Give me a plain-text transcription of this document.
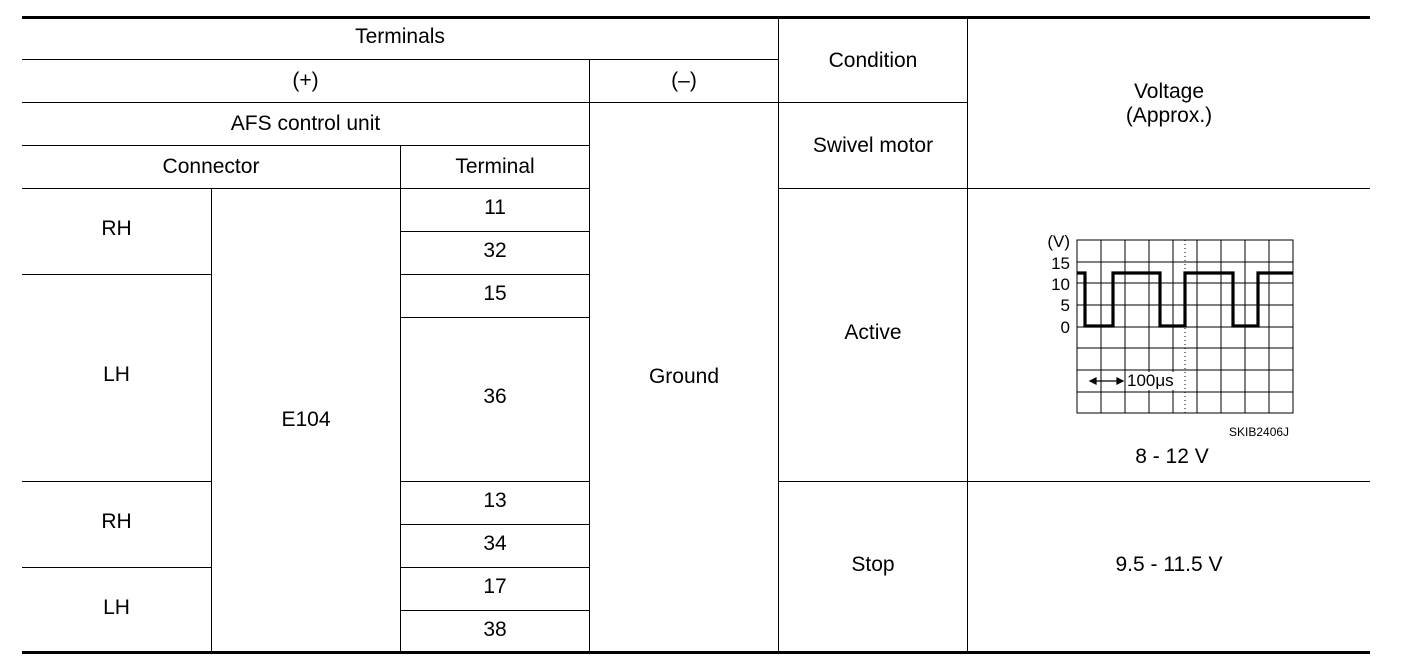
Terminals
(+)	(–)
Condition
Voltage
(Approx.)
AFS control unit
Connector	Terminal
Swivel motor
RH
LH
RH
LH
E104
11
32
15
36
13
34
17
38
Ground
Active
Stop
8 - 12 V
9.5 - 11.5 V
(V)
15
10
5
0
100μs
SKIB2406J
